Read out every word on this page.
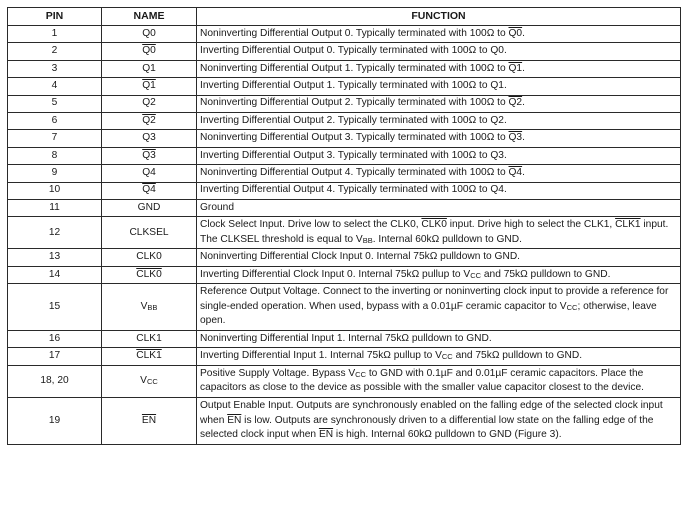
PIN	NAME	FUNCTION
1	Q0	Noninverting Differential Output 0. Typically terminated with 100Ω to Q0.
2	Q0	Inverting Differential Output 0. Typically terminated with 100Ω to Q0.
3	Q1	Noninverting Differential Output 1. Typically terminated with 100Ω to Q1.
4	Q1	Inverting Differential Output 1. Typically terminated with 100Ω to Q1.
5	Q2	Noninverting Differential Output 2. Typically terminated with 100Ω to Q2.
6	Q2	Inverting Differential Output 2. Typically terminated with 100Ω to Q2.
7	Q3	Noninverting Differential Output 3. Typically terminated with 100Ω to Q3.
8	Q3	Inverting Differential Output 3. Typically terminated with 100Ω to Q3.
9	Q4	Noninverting Differential Output 4. Typically terminated with 100Ω to Q4.
10	Q4	Inverting Differential Output 4. Typically terminated with 100Ω to Q4.
11	GND	Ground
12	CLKSEL	Clock Select Input. Drive low to select the CLK0, CLK0 input. Drive high to select the CLK1, CLK1 input. The CLKSEL threshold is equal to $V_{BB}$. Internal 60kΩ pulldown to GND.
13	CLK0	Noninverting Differential Clock Input 0. Internal 75kΩ pulldown to GND.
14	CLK0	Inverting Differential Clock Input 0. Internal 75kΩ pullup to $V_{CC}$ and 75kΩ pulldown to GND.
15	$V_{BB}$	Reference Output Voltage. Connect to the inverting or noninverting clock input to provide a reference for single-ended operation. When used, bypass with a 0.01µF ceramic capacitor to $V_{CC}$; otherwise, leave open.
16	CLK1	Noninverting Differential Input 1. Internal 75kΩ pulldown to GND.
17	CLK1	Inverting Differential Input 1. Internal 75kΩ pullup to $V_{CC}$ and 75kΩ pulldown to GND.
18, 20	$V_{CC}$	Positive Supply Voltage. Bypass $V_{CC}$ to GND with 0.1µF and 0.01µF ceramic capacitors. Place the capacitors as close to the device as possible with the smaller value capacitor closest to the device.
19	$\overline{EN}$	Output Enable Input. Outputs are synchronously enabled on the falling edge of the selected clock input when $\overline{EN}$ is low. Outputs are synchronously driven to a differential low state on the falling edge of the selected clock input when $\overline{EN}$ is high. Internal 60kΩ pulldown to GND (Figure 3).
